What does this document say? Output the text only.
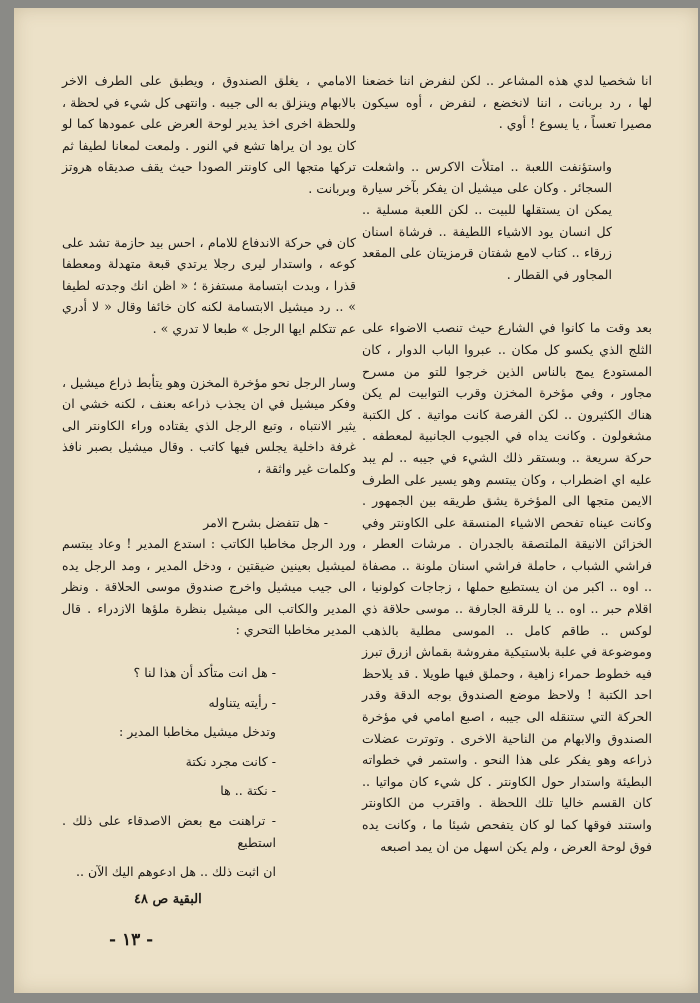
انا شخصيا لدي هذه المشاعر .. لكن لنفرض اننا خضعنا لها ، رد بربانت ، اننا لانخضع ، لنفرض ، أوه سيكون مصيرا تعساً ، يا يسوع ! أوي .

واستؤنفت اللعبة .. امتلأت الاكرس .. واشعلت السجائر . وكان على ميشيل ان يفكر بآخر سيارة يمكن ان يستقلها للبيت .. لكن اللعبة مسلية .. كل انسان يود الاشياء اللطيفة .. فرشاة اسنان زرقاء .. كتاب لامع شفتان قرمزيتان على المقعد المجاور في القطار .

بعد وقت ما كانوا في الشارع حيث تنصب الاضواء على الثلج الذي يكسو كل مكان .. عبروا الباب الدوار ، كان المستودع يمج بالناس الذين خرجوا للتو من مسرح مجاور ، وفي مؤخرة المخزن وقرب التوابيت لم يكن هناك الكثيرون .. لكن الفرصة كانت مواتية . كل الكتبة مشغولون . وكانت يداه في الجيوب الجانبية لمعطفه . حركة سريعة .. وبستقر ذلك الشيء في جيبه .. لم يبد عليه اي اضطراب ، وكان يبتسم وهو يسير على الطرف الايمن متجها الى المؤخرة يشق طريقه بين الجمهور . وكانت عيناه تفحص الاشياء المنسقة على الكاونتر وفي الخزائن الانيقة الملتصقة بالجدران . مرشات العطر ، فراشي الشباب ، حاملة فراشي اسنان ملونة .. مصفاة .. اوه .. اكبر من ان يستطيع حملها ، زجاجات كولونيا ، اقلام حبر .. اوه .. يا للرقة الجارفة .. موسى حلاقة ذي لوكس .. طاقم كامل .. الموسى مطلية بالذهب وموضوعة في علبة بلاستيكية مفروشة بقماش ازرق تبرز فيه خطوط حمراء زاهية ، وحملق فيها طويلا . قد يلاحظ احد الكتبة ! ولاحظ موضع الصندوق بوجه الدقة وقدر الحركة التي ستنقله الى جيبه ، اصبع امامي في مؤخرة الصندوق والابهام من الناحية الاخرى . وتوترت عضلات ذراعه وهو يفكر على هذا النحو . واستمر في خطواته البطيئة واستدار حول الكاونتر . كل شيء كان مواتيا .. كان القسم خاليا تلك اللحظة . واقترب من الكاونتر واستند فوقها كما لو كان يتفحص شيئا ما ، وكانت يده فوق لوحة العرض ، ولم يكن اسهل من ان يمد اصبعه

الامامي ، يغلق الصندوق ، ويطبق على الطرف الاخر بالابهام وينزلق به الى جيبه . وانتهى كل شيء في لحظة ، وللحظة اخرى اخذ يدير لوحة العرض على عمودها كما لو كان يود ان يراها تشع في النور . ولمعت لمعانا لطيفا ثم تركها متجها الى كاونتر الصودا حيث يقف صديقاه هروتز وبربانت .

كان في حركة الاندفاع للامام ، احس بيد حازمة تشد على كوعه ، واستدار ليرى رجلا يرتدي قبعة متهدلة ومعطفا قذرا ، وبدت ابتسامة مستفزة ؛ « اظن انك وجدته لطيفا » .. رد ميشيل الابتسامة لكنه كان خائفا وقال « لا أدري عم تتكلم ايها الرجل » طبعا لا تدري » .

وسار الرجل نحو مؤخرة المخزن وهو يتأبط ذراع ميشيل ، وفكر ميشيل في ان يجذب ذراعه بعنف ، لكنه خشي ان يثير الانتباه ، وتبع الرجل الذي يقتاده وراء الكاونتر الى غرفة داخلية يجلس فيها كاتب . وقال ميشيل بصبر نافذ وكلمات غير واثقة ،

- هل تتفضل بشرح الامر

ورد الرجل مخاطبا الكاتب : استدع المدير ! وعاد يبتسم لميشيل بعينين ضيقتين ، ودخل المدير ، ومد الرجل يده الى جيب ميشيل واخرج صندوق موسى الحلاقة . ونظر المدير والكاتب الى ميشيل بنظرة ملؤها الازدراء . قال المدير مخاطبا التحري :

- هل انت متأكد أن هذا لنا ؟

- رأيته يتناوله

وتدخل ميشيل مخاطبا المدير :

- كانت مجرد نكتة

- نكتة .. ها

- تراهنت مع بعض الاصدقاء على ذلك . استطيع

ان اثبت ذلك .. هل ادعوهم اليك الآن ..

البقية ص ٤٨
- ١٣ -
